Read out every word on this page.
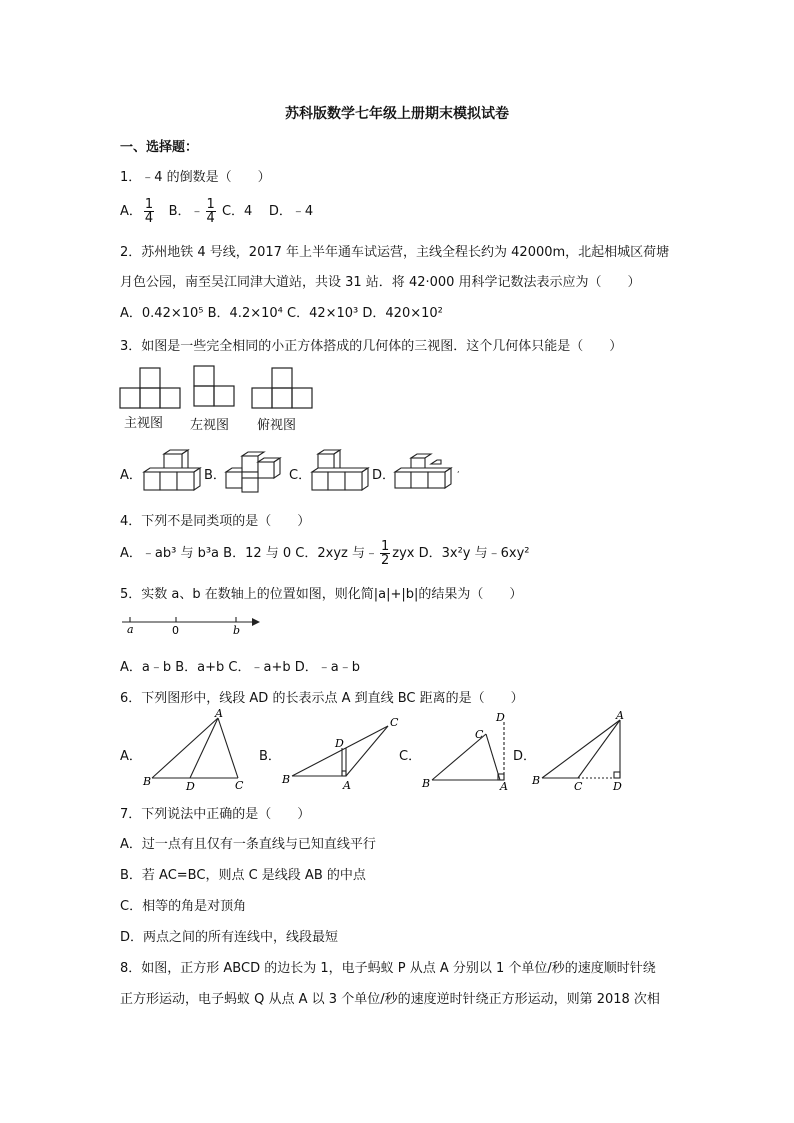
苏科版数学七年级上册期末模拟试卷
一、选择题：
1．﹣4 的倒数是（　　）
A． $\frac{1}{4}$ B．﹣ $\frac{1}{4}$ C．4 D．﹣4
2．苏州地铁 4 号线，2017 年上半年通车试运营，主线全程长约为 42000m，北起相城区荷塘
月色公园，南至吴江同津大道站，共设 31 站．将 42·000 用科学记数法表示应为（　　）
A．0.42×10⁵ B．4.2×10⁴ C．42×10³ D．420×10²
3．如图是一些完全相同的小正方体搭成的几何体的三视图．这个几何体只能是（　　）
主视图 左视图 俯视图
A．	B．	C．	D．	,
4．下列不是同类项的是（　　）
A．﹣ab³ 与 b³a B．12 与 0 C．2xyz 与﹣ $\frac{1}{2}$ zyx D．3x²y 与﹣6xy²
5．实数 a、b 在数轴上的位置如图，则化简|a|+|b|的结果为（　　）
a	0	b
A．a﹣b B．a+b C．﹣a+b D．﹣a﹣b
6．下列图形中，线段 AD 的长表示点 A 到直线 BC 距离的是（　　）
A．	B．	C．	D．
A
B	D	C
D
C
B	A
D
C
B	A
A
B	C	D
7．下列说法中正确的是（　　）
A．过一点有且仅有一条直线与已知直线平行
B．若 AC=BC，则点 C 是线段 AB 的中点
C．相等的角是对顶角
D．两点之间的所有连线中，线段最短
8．如图，正方形 ABCD 的边长为 1，电子蚂蚁 P 从点 A 分别以 1 个单位/秒的速度顺时针绕
正方形运动，电子蚂蚁 Q 从点 A 以 3 个单位/秒的速度逆时针绕正方形运动，则第 2018 次相
